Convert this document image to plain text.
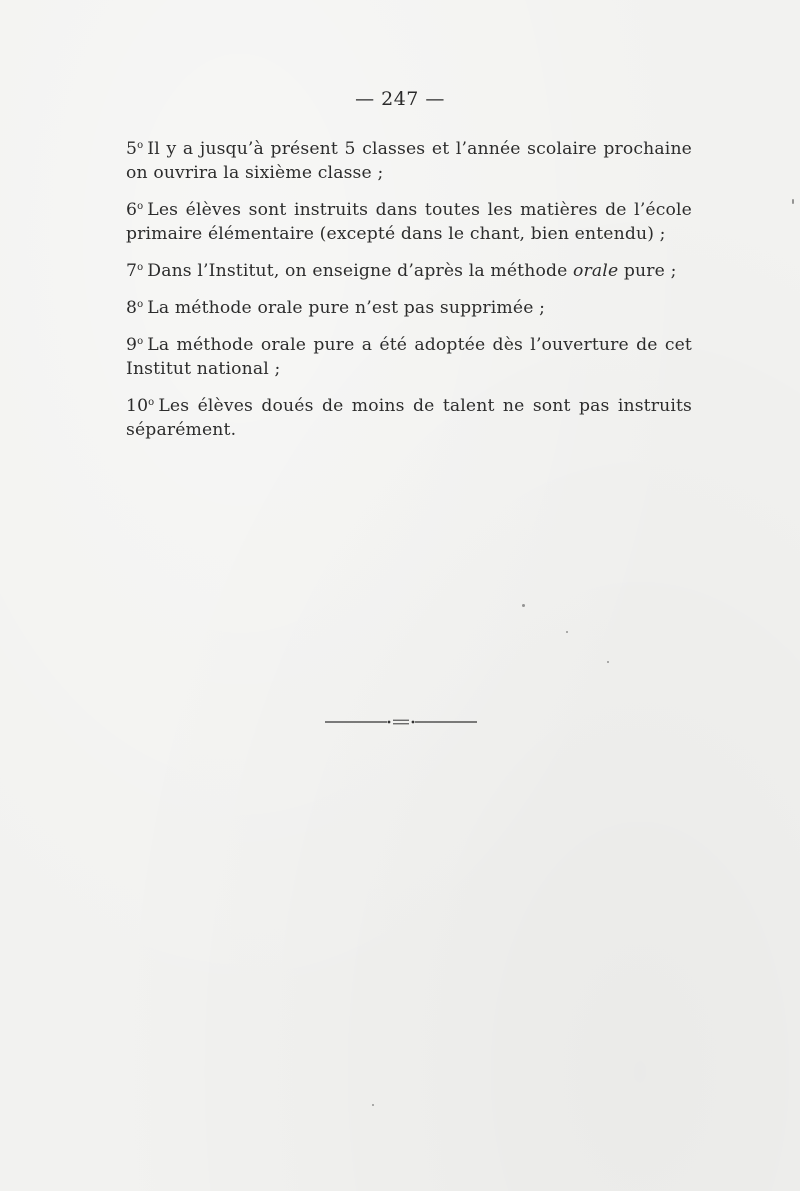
— 247 —

5$^o$ Il y a jusqu’à présent 5 classes et l’année scolaire prochaine on ouvrira la sixième classe ;

6$^o$ Les élèves sont instruits dans toutes les matières de l’école primaire élémentaire (excepté dans le chant, bien entendu) ;

7$^o$ Dans l’Institut, on enseigne d’après la méthode orale pure ;

8$^o$ La méthode orale pure n’est pas supprimée ;

9$^o$ La méthode orale pure a été adoptée dès l’ouverture de cet Institut national ;

10$^o$ Les élèves doués de moins de talent ne sont pas instruits séparément.
